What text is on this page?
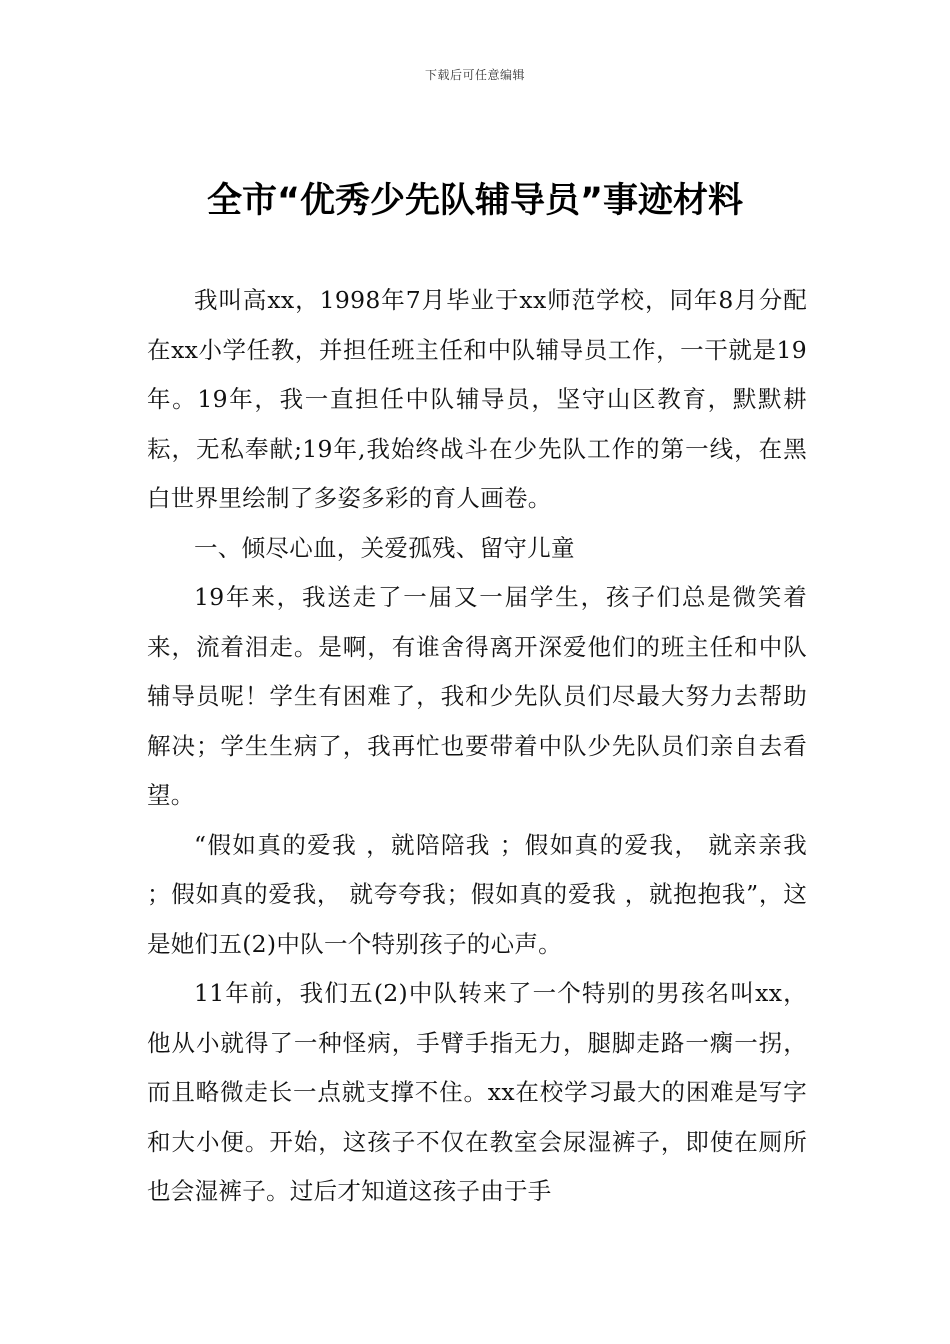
下载后可任意编辑
全市“优秀少先队辅导员”事迹材料

我叫高xx，1998年7月毕业于xx师范学校，同年8月分配在xx小学任教，并担任班主任和中队辅导员工作，一干就是19年。19年，我一直担任中队辅导员，坚守山区教育，默默耕耘，无私奉献;19年,我始终战斗在少先队工作的第一线，在黑白世界里绘制了多姿多彩的育人画卷。

一、倾尽心血，关爱孤残、留守儿童

19年来，我送走了一届又一届学生，孩子们总是微笑着来，流着泪走。是啊，有谁舍得离开深爱他们的班主任和中队辅导员呢！学生有困难了，我和少先队员们尽最大努力去帮助解决；学生生病了，我再忙也要带着中队少先队员们亲自去看望。

“假如真的爱我 ，就陪陪我 ；假如真的爱我， 就亲亲我 ；假如真的爱我， 就夸夸我；假如真的爱我 ，就抱抱我”，这是她们五(2)中队一个特别孩子的心声。

11年前，我们五(2)中队转来了一个特别的男孩名叫xx，他从小就得了一种怪病，手臂手指无力，腿脚走路一瘸一拐，而且略微走长一点就支撑不住。xx在校学习最大的困难是写字和大小便。开始，这孩子不仅在教室会尿湿裤子，即使在厕所也会湿裤子。过后才知道这孩子由于手
